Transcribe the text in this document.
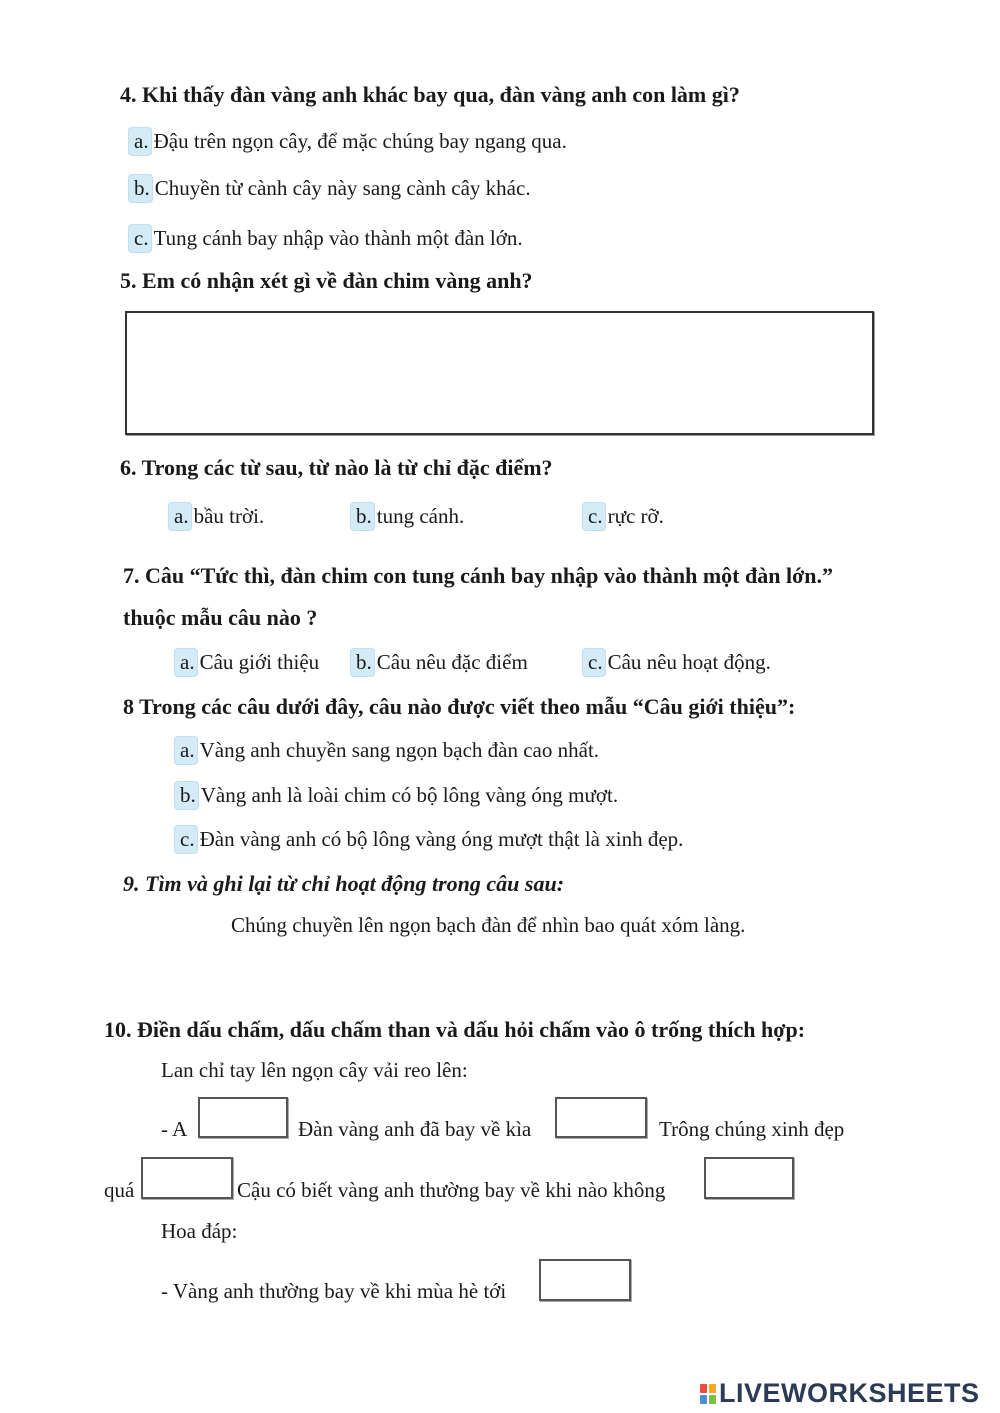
4. Khi thấy đàn vàng anh khác bay qua, đàn vàng anh con làm gì?
a. Đậu trên ngọn cây, để mặc chúng bay ngang qua.
b. Chuyền từ cành cây này sang cành cây khác.
c. Tung cánh bay nhập vào thành một đàn lớn.
5. Em có nhận xét gì về đàn chim vàng anh?
6. Trong các từ sau, từ nào là từ chỉ đặc điểm?
a. bầu trời.	b. tung cánh.	c. rực rỡ.
7. Câu “Tức thì, đàn chim con tung cánh bay nhập vào thành một đàn lớn.”
thuộc mẫu câu nào ?
a. Câu giới thiệu b. Câu nêu đặc điểm	c. Câu nêu hoạt động.
8 Trong các câu dưới đây, câu nào được viết theo mẫu “Câu giới thiệu”:
a. Vàng anh chuyền sang ngọn bạch đàn cao nhất.
b. Vàng anh là loài chim có bộ lông vàng óng mượt.
c. Đàn vàng anh có bộ lông vàng óng mượt thật là xinh đẹp.
9. Tìm và ghi lại từ chỉ hoạt động trong câu sau:
Chúng chuyền lên ngọn bạch đàn để nhìn bao quát xóm làng.
10. Điền dấu chấm, dấu chấm than và dấu hỏi chấm vào ô trống thích hợp:
Lan chỉ tay lên ngọn cây vải reo lên:
- A	Đàn vàng anh đã bay về kìa	Trông chúng xinh đẹp
quá	Cậu có biết vàng anh thường bay về khi nào không
Hoa đáp:
- Vàng anh thường bay về khi mùa hè tới
LIVEWORKSHEETS
